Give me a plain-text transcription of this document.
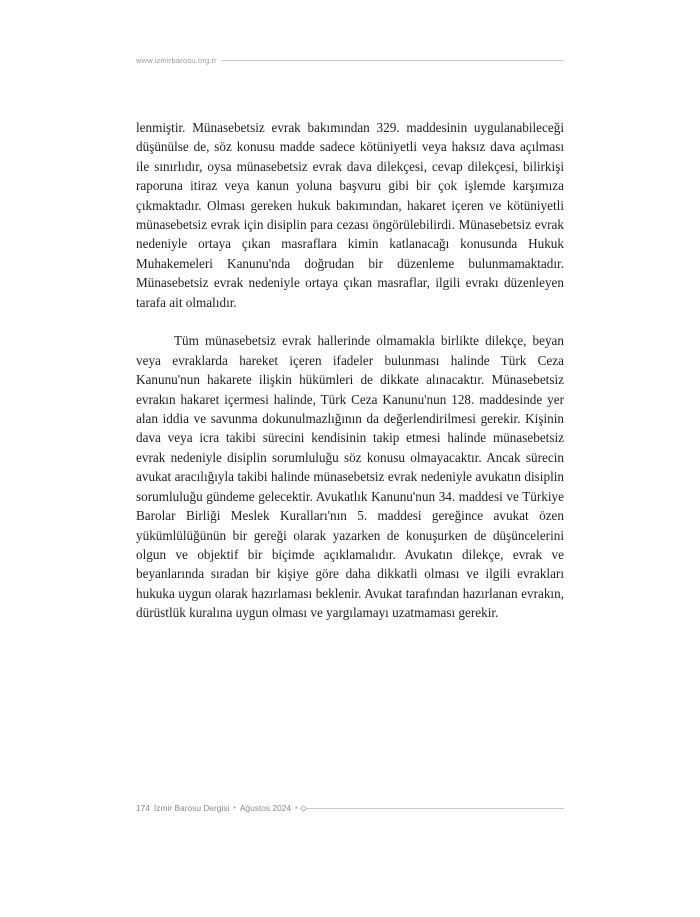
www.izmirbarosu.org.tr

lenmiştir. Münasebetsiz evrak bakımından 329. maddesinin uygulanabileceği düşünülse de, söz konusu madde sadece kötüniyetli veya haksız dava açılması ile sınırlıdır, oysa münasebetsiz evrak dava dilekçesi, cevap dilekçesi, bilirkişi raporuna itiraz veya kanun yoluna başvuru gibi bir çok işlemde karşımıza çıkmaktadır. Olması gereken hukuk bakımından, hakaret içeren ve kötüniyetli münasebetsiz evrak için disiplin para cezası öngörülebilirdi. Münasebetsiz evrak nedeniyle ortaya çıkan masraflara kimin katlanacağı konusunda Hukuk Muhakemeleri Kanunu'nda doğrudan bir düzenleme bulunmamaktadır. Münasebetsiz evrak nedeniyle ortaya çıkan masraflar, ilgili evrakı düzenleyen tarafa ait olmalıdır.

Tüm münasebetsiz evrak hallerinde olmamakla birlikte dilekçe, beyan veya evraklarda hareket içeren ifadeler bulunması halinde Türk Ceza Kanunu'nun hakarete ilişkin hükümleri de dikkate alınacaktır. Münasebetsiz evrakın hakaret içermesi halinde, Türk Ceza Kanunu'nun 128. maddesinde yer alan iddia ve savunma dokunulmazlığının da değerlendirilmesi gerekir. Kişinin dava veya icra takibi sürecini kendisinin takip etmesi halinde münasebetsiz evrak nedeniyle disiplin sorumluluğu söz konusu olmayacaktır. Ancak sürecin avukat aracılığıyla takibi halinde münasebetsiz evrak nedeniyle avukatın disiplin sorumluluğu gündeme gelecektir. Avukatlık Kanunu'nun 34. maddesi ve Türkiye Barolar Birliği Meslek Kuralları'nın 5. maddesi gereğince avukat özen yükümlülüğünün bir gereği olarak yazarken de konuşurken de düşüncelerini olgun ve objektif bir biçimde açıklamalıdır. Avukatın dilekçe, evrak ve beyanlarında sıradan bir kişiye göre daha dikkatli olması ve ilgili evrakları hukuka uygun olarak hazırlaması beklenir. Avukat tarafından hazırlanan evrakın, dürüstlük kuralına uygun olması ve yargılamayı uzatmaması gerekir.

174 İzmir Barosu Dergisi • Ağustos 2024 •
